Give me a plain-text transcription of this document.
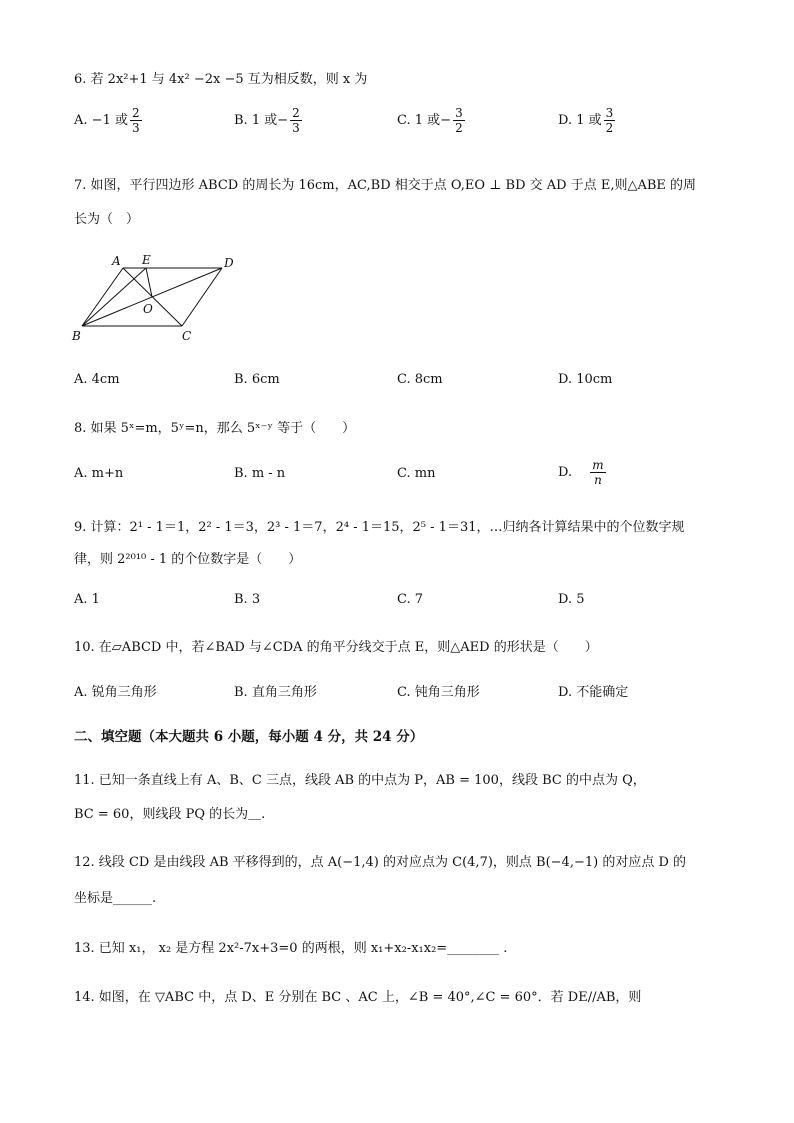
6. 若 2x²+1 与 4x² −2x −5 互为相反数，则 x 为
A. −1 或 $\frac{2}{3}$	B. 1 或− $\frac{2}{3}$	C. 1 或− $\frac{3}{2}$	D. 1 或 $\frac{3}{2}$
7. 如图，平行四边形 ABCD 的周长为 16cm，AC,BD 相交于点 O,EO ⊥ BD 交 AD 于点 E,则△ABE 的周
长为（　）
A E	D
O
B	C
A. 4cm	B. 6cm	C. 8cm	D. 10cm
8. 如果 5ˣ=m，5ʸ=n，那么 5ˣ⁻ʸ 等于（　　）
A. m+n	B. m - n	C. mn	D. $\frac{m}{n}$
9. 计算：2¹ - 1＝1，2² - 1＝3，2³ - 1＝7，2⁴ - 1＝15，2⁵ - 1＝31，…归纳各计算结果中的个位数字规
律，则 2²⁰¹⁰ - 1 的个位数字是（　　）
A. 1	B. 3	C. 7	D. 5
10. 在▱ABCD 中，若∠BAD 与∠CDA 的角平分线交于点 E，则△AED 的形状是（　　）
A. 锐角三角形	B. 直角三角形	C. 钝角三角形	D. 不能确定
二、填空题（本大题共 6 小题，每小题 4 分，共 24 分）
11. 已知一条直线上有 A、B、C 三点，线段 AB 的中点为 P，AB = 100，线段 BC 的中点为 Q，
BC = 60，则线段 PQ 的长为＿.
12. 线段 CD 是由线段 AB 平移得到的，点 A(−1,4) 的对应点为 C(4,7)，则点 B(−4,−1) 的对应点 D 的
坐标是______.
13. 已知 x₁， x₂ 是方程 2x²-7x+3=0 的两根，则 x₁+x₂-x₁x₂=________ .
14. 如图，在 ▽ABC 中，点 D、E 分别在 BC 、AC 上，∠B = 40°,∠C = 60°．若 DE//AB，则
